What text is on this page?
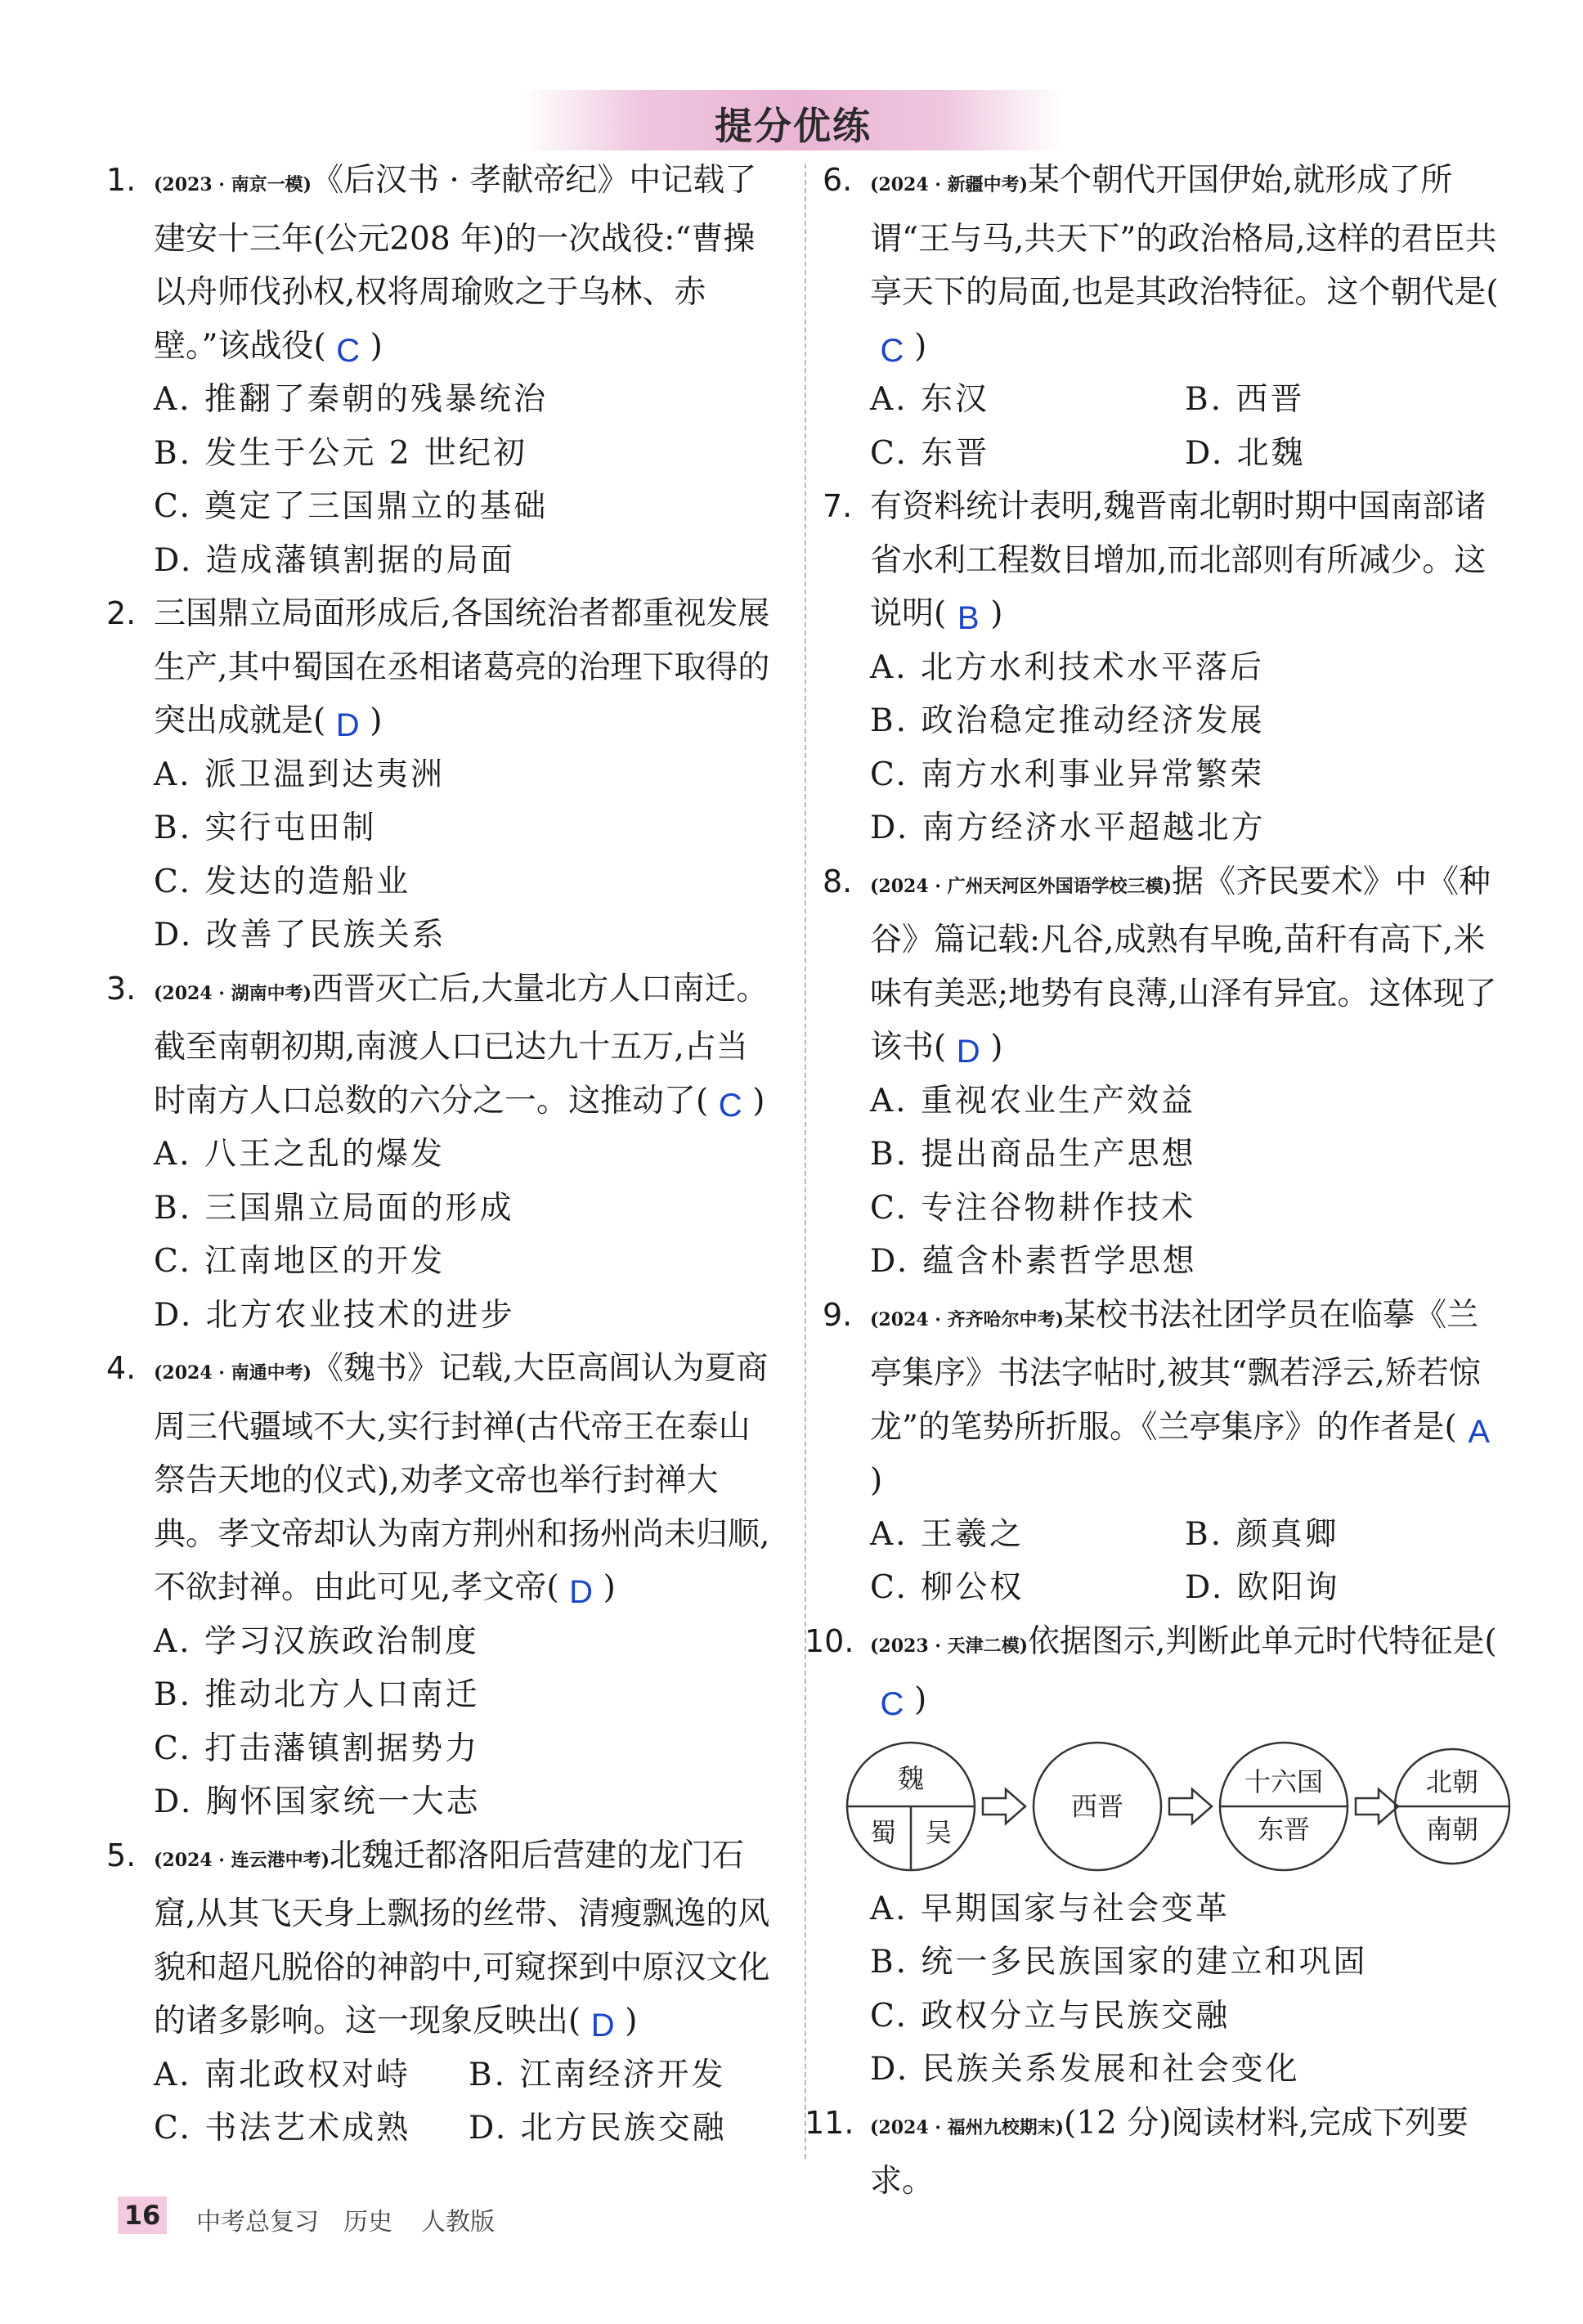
提分优练
1. (2023 · 南京一模)《后汉书 · 孝献帝纪》中记载了建安十三年(公元208 年)的一次战役:“曹操以舟师伐孙权,权将周瑜败之于乌林、赤壁。”该战役( C )
A. 推翻了秦朝的残暴统治
B. 发生于公元 2 世纪初
C. 奠定了三国鼎立的基础
D. 造成藩镇割据的局面
2. 三国鼎立局面形成后,各国统治者都重视发展生产,其中蜀国在丞相诸葛亮的治理下取得的突出成就是( D )
A. 派卫温到达夷洲
B. 实行屯田制
C. 发达的造船业
D. 改善了民族关系
3. (2024 · 湖南中考)西晋灭亡后,大量北方人口南迁。截至南朝初期,南渡人口已达九十五万,占当时南方人口总数的六分之一。这推动了( C )
A. 八王之乱的爆发
B. 三国鼎立局面的形成
C. 江南地区的开发
D. 北方农业技术的进步
4. (2024 · 南通中考)《魏书》记载,大臣高闾认为夏商周三代疆域不大,实行封禅(古代帝王在泰山祭告天地的仪式),劝孝文帝也举行封禅大典。孝文帝却认为南方荆州和扬州尚未归顺,不欲封禅。由此可见,孝文帝( D )
A. 学习汉族政治制度
B. 推动北方人口南迁
C. 打击藩镇割据势力
D. 胸怀国家统一大志
5. (2024 · 连云港中考)北魏迁都洛阳后营建的龙门石窟,从其飞天身上飘扬的丝带、清瘦飘逸的风貌和超凡脱俗的神韵中,可窥探到中原汉文化的诸多影响。这一现象反映出( D )
A. 南北政权对峙	B. 江南经济开发
C. 书法艺术成熟	D. 北方民族交融
6. (2024 · 新疆中考)某个朝代开国伊始,就形成了所谓“王与马,共天下”的政治格局,这样的君臣共享天下的局面,也是其政治特征。这个朝代是(C )
A. 东汉	B. 西晋
C. 东晋	D. 北魏
7. 有资料统计表明,魏晋南北朝时期中国南部诸省水利工程数目增加,而北部则有所减少。这说明( B )
A. 北方水利技术水平落后
B. 政治稳定推动经济发展
C. 南方水利事业异常繁荣
D. 南方经济水平超越北方
8. (2024 · 广州天河区外国语学校三模)据《齐民要术》中《种谷》篇记载:凡谷,成熟有早晚,苗秆有高下,米味有美恶;地势有良薄,山泽有异宜。这体现了该书( D )
A. 重视农业生产效益
B. 提出商品生产思想
C. 专注谷物耕作技术
D. 蕴含朴素哲学思想
9. (2024 · 齐齐哈尔中考)某校书法社团学员在临摹《兰亭集序》书法字帖时,被其“飘若浮云,矫若惊龙”的笔势所折服。《兰亭集序》的作者是( A)
A. 王羲之	B. 颜真卿
C. 柳公权	D. 欧阳询
10. (2023 · 天津二模)依据图示,判断此单元时代特征是(C )
魏
蜀 吴
西晋
十六国
东晋
北朝
南朝
A. 早期国家与社会变革
B. 统一多民族国家的建立和巩固
C. 政权分立与民族交融
D. 民族关系发展和社会变化
11. (2024 · 福州九校期末)(12 分)阅读材料,完成下列要求。
16 中考总复习 历史 人教版
